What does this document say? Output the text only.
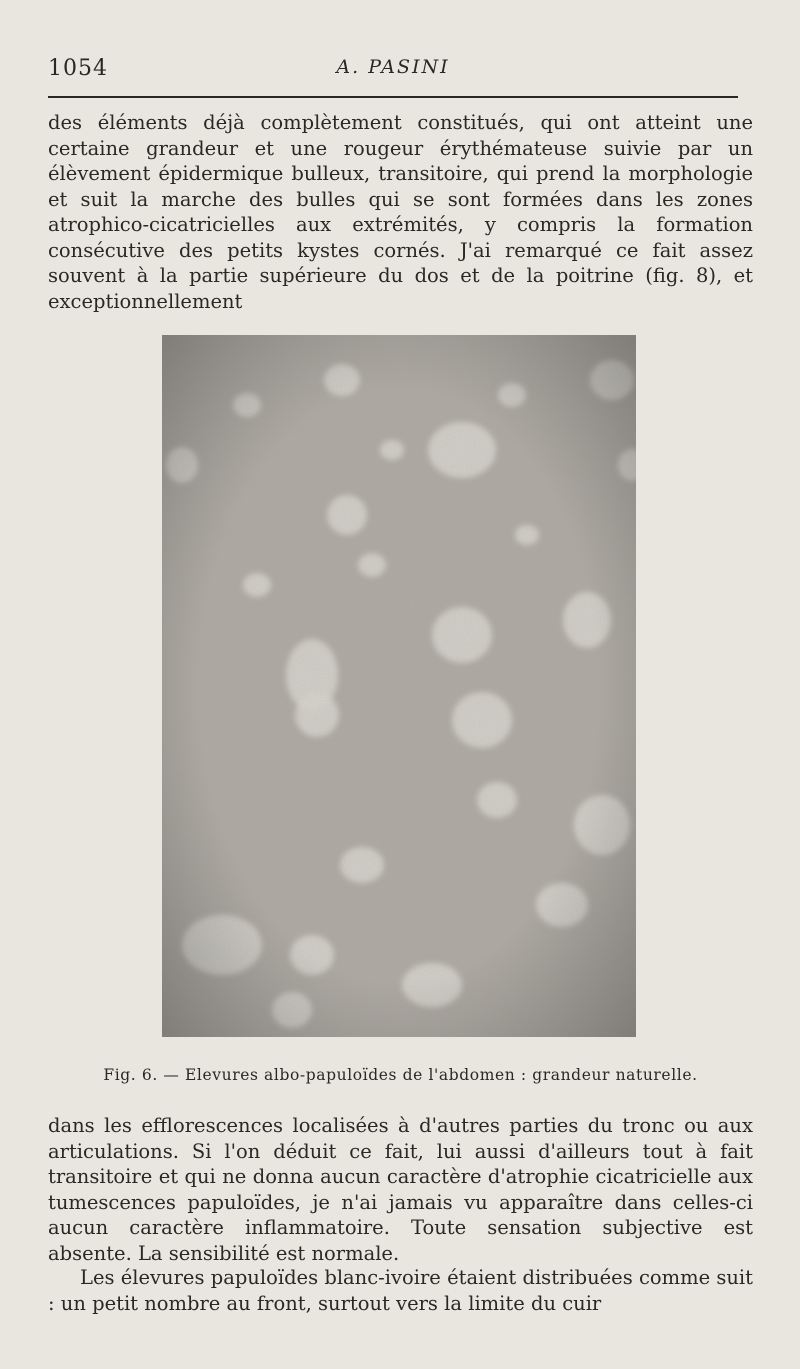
1054	A. PASINI

des éléments déjà complètement constitués, qui ont atteint une certaine grandeur et une rougeur érythémateuse suivie par un élèvement épidermique bulleux, transitoire, qui prend la morphologie et suit la marche des bulles qui se sont formées dans les zones atrophico-cicatricielles aux extrémités, y compris la formation consécutive des petits kystes cornés. J'ai remarqué ce fait assez souvent à la partie supérieure du dos et de la poitrine (fig. 8), et exceptionnellement

Fig. 6. — Elevures albo-papuloïdes de l'abdomen : grandeur naturelle.

dans les efflorescences localisées à d'autres parties du tronc ou aux articulations. Si l'on déduit ce fait, lui aussi d'ailleurs tout à fait transitoire et qui ne donna aucun caractère d'atrophie cicatricielle aux tumescences papuloïdes, je n'ai jamais vu apparaître dans celles-ci aucun caractère inflammatoire. Toute sensation subjective est absente. La sensibilité est normale.

Les élevures papuloïdes blanc-ivoire étaient distribuées comme suit : un petit nombre au front, surtout vers la limite du cuir
